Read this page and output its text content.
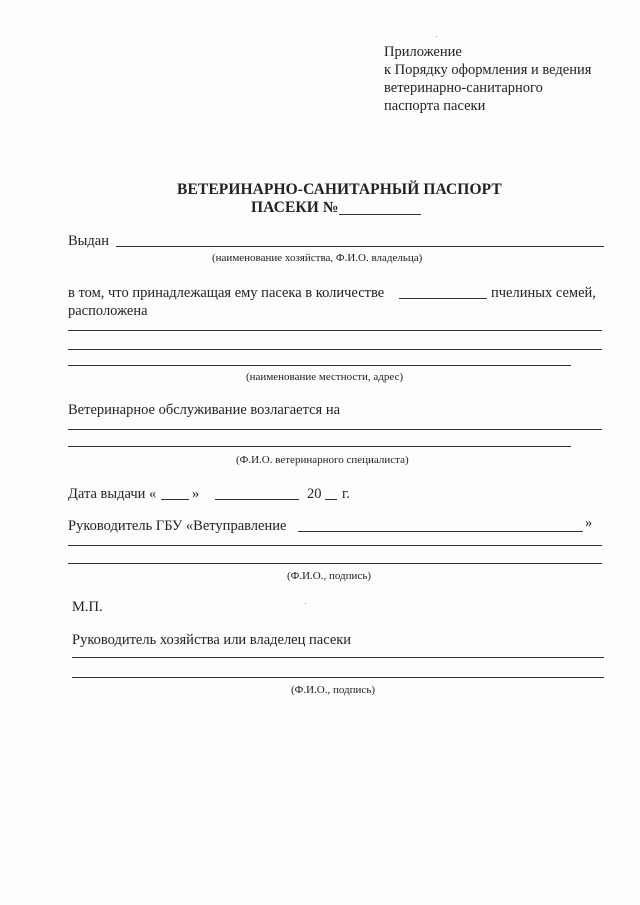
Приложение
к Порядку оформления и ведения
ветеринарно-санитарного
паспорта пасеки
ВЕТЕРИНАРНО-САНИТАРНЫЙ ПАСПОРТ
ПАСЕКИ №
Выдан
(наименование хозяйства, Ф.И.О. владельца)
в том, что принадлежащая ему пасека в количестве	пчелиных семей,
расположена
(наименование местности, адрес)
Ветеринарное обслуживание возлагается на
(Ф.И.О. ветеринарного специалиста)
Дата выдачи « »	20 г.
Руководитель ГБУ «Ветуправление	»
(Ф.И.О., подпись)
М.П.
Руководитель хозяйства или владелец пасеки
(Ф.И.О., подпись)
